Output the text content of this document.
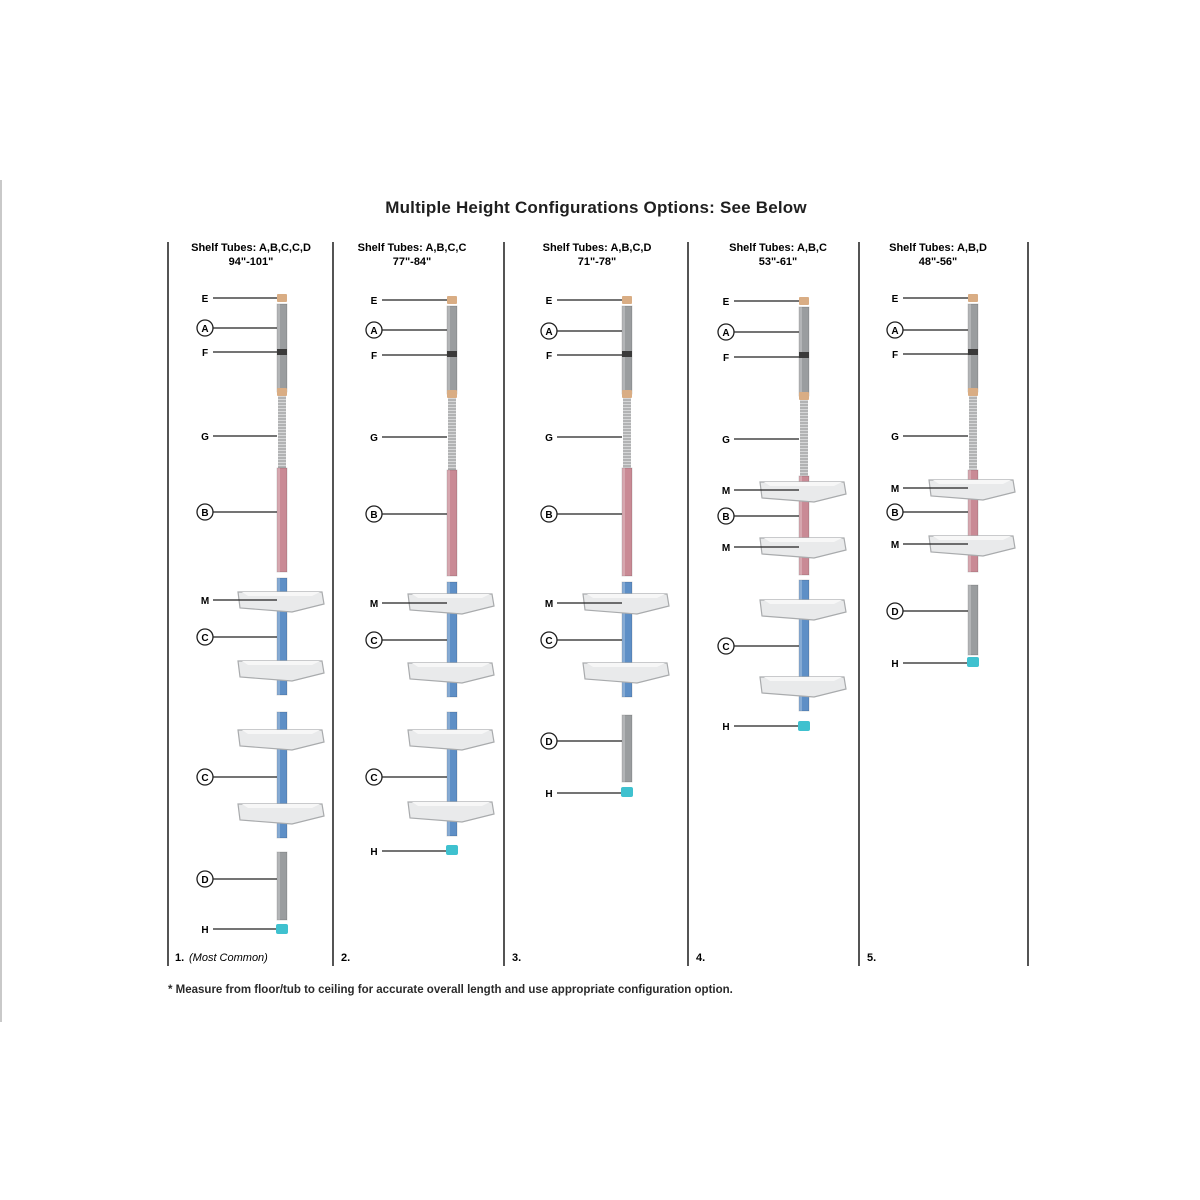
Multiple Height Configurations Options: See Below
Shelf Tubes: A,B,C,C,D
94"-101"
1. (Most Common)
E
A
F
G
B
M
C
C
D
H
Shelf Tubes: A,B,C,C
77"-84"
2.
E
A
F
G
B
M
C
C
H
Shelf Tubes: A,B,C,D
71"-78"
3.
E
A
F
G
B
M
C
D
H
Shelf Tubes: A,B,C
53"-61"
4.
E
A
F
G
B
M
M
C
H
Shelf Tubes: A,B,D
48"-56"
5.
E
A
F
G
B
M
M
D
H

* Measure from floor/tub to ceiling for accurate overall length and use appropriate configuration option.
